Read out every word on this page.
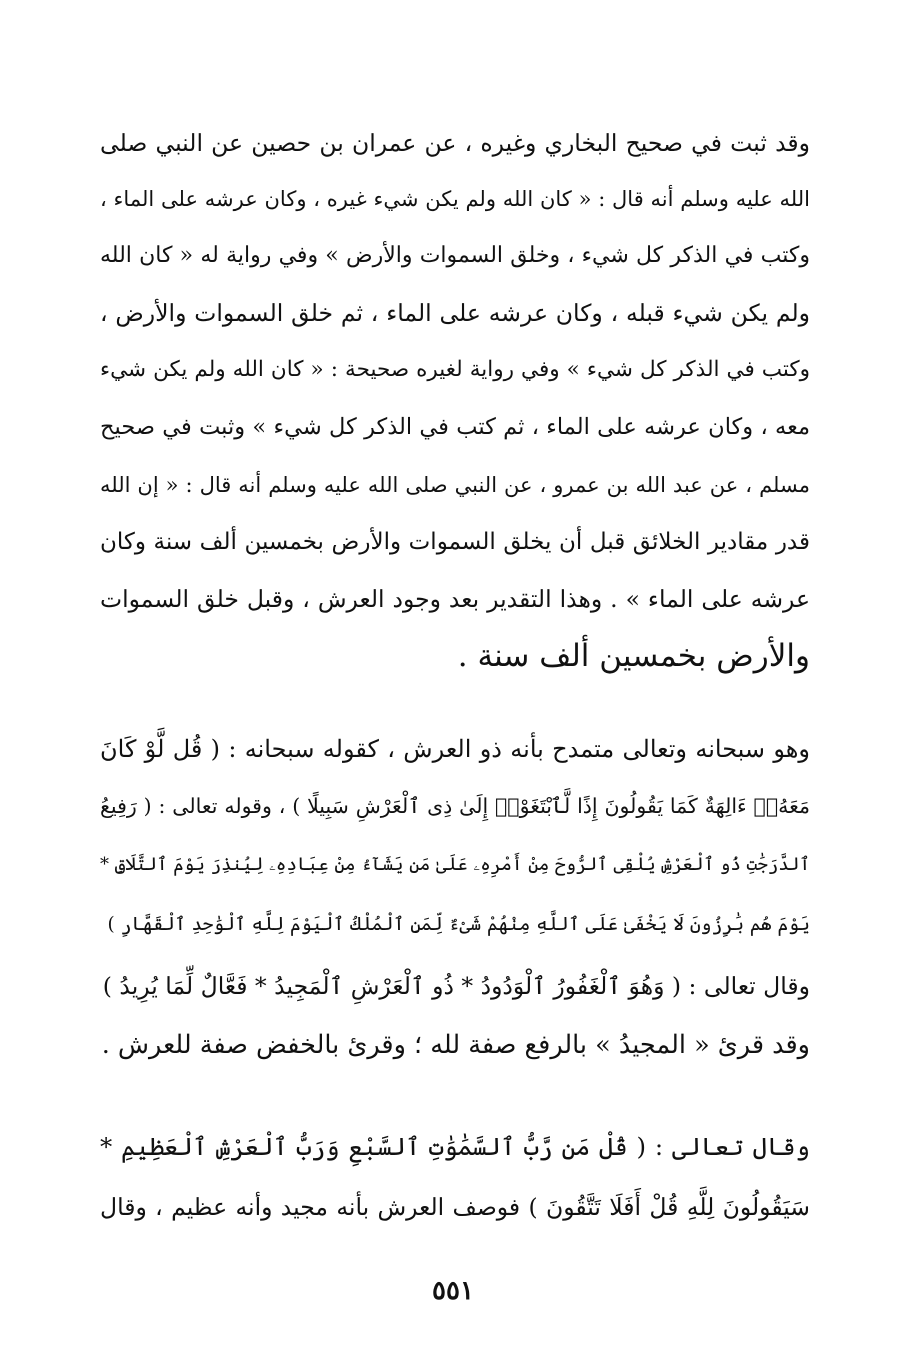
وقد ثبت في صحيح البخاري وغيره ، عن عمران بن حصين عن النبي صلى
الله عليه وسلم أنه قال : « كان الله ولم يكن شيء غيره ، وكان عرشه على الماء ،
وكتب في الذكر كل شيء ، وخلق السموات والأرض » وفي رواية له « كان الله
ولم يكن شيء قبله ، وكان عرشه على الماء ، ثم خلق السموات والأرض ،
وكتب في الذكر كل شيء » وفي رواية لغيره صحيحة : « كان الله ولم يكن شيء
معه ، وكان عرشه على الماء ، ثم كتب في الذكر كل شيء » وثبت في صحيح
مسلم ، عن عبد الله بن عمرو ، عن النبي صلى الله عليه وسلم أنه قال : « إن الله
قدر مقادير الخلائق قبل أن يخلق السموات والأرض بخمسين ألف سنة وكان
عرشه على الماء » . وهذا التقدير بعد وجود العرش ، وقبل خلق السموات
والأرض بخمسين ألف سنة .
وهو سبحانه وتعالى متمدح بأنه ذو العرش ، كقوله سبحانه : ( قُل لَّوْ كَانَ
مَعَهُۥٓ ءَالِهَةٌ كَمَا يَقُولُونَ إِذًا لَّٱبْتَغَوْا۟ إِلَىٰ ذِى ٱلْعَرْشِ سَبِيلًا ) ، وقوله تعالى : ( رَفِيعُ
ٱلدَّرَجَٰتِ ذُو ٱلْعَرْشِ يُلْقِى ٱلرُّوحَ مِنْ أَمْرِهِۦ عَلَىٰ مَن يَشَآءُ مِنْ عِبَادِهِۦ لِيُنذِرَ يَوْمَ ٱلتَّلَاقِ *
يَوْمَ هُم بَٰرِزُونَ لَا يَخْفَىٰ عَلَى ٱللَّهِ مِنْهُمْ شَىْءٌ لِّمَنِ ٱلْمُلْكُ ٱلْيَوْمَ لِلَّهِ ٱلْوَٰحِدِ ٱلْقَهَّارِ )
وقال تعالى : ( وَهُوَ ٱلْغَفُورُ ٱلْوَدُودُ * ذُو ٱلْعَرْشِ ٱلْمَجِيدُ * فَعَّالٌ لِّمَا يُرِيدُ )
وقد قرئ « المجيدُ » بالرفع صفة لله ؛ وقرئ بالخفض صفة للعرش .
وقال تعالى : ( قُلْ مَن رَّبُّ ٱلسَّمَٰوَٰتِ ٱلسَّبْعِ وَرَبُّ ٱلْعَرْشِ ٱلْعَظِيمِ *
سَيَقُولُونَ لِلَّهِ قُلْ أَفَلَا تَتَّقُونَ ) فوصف العرش بأنه مجيد وأنه عظيم ، وقال
٥٥١
